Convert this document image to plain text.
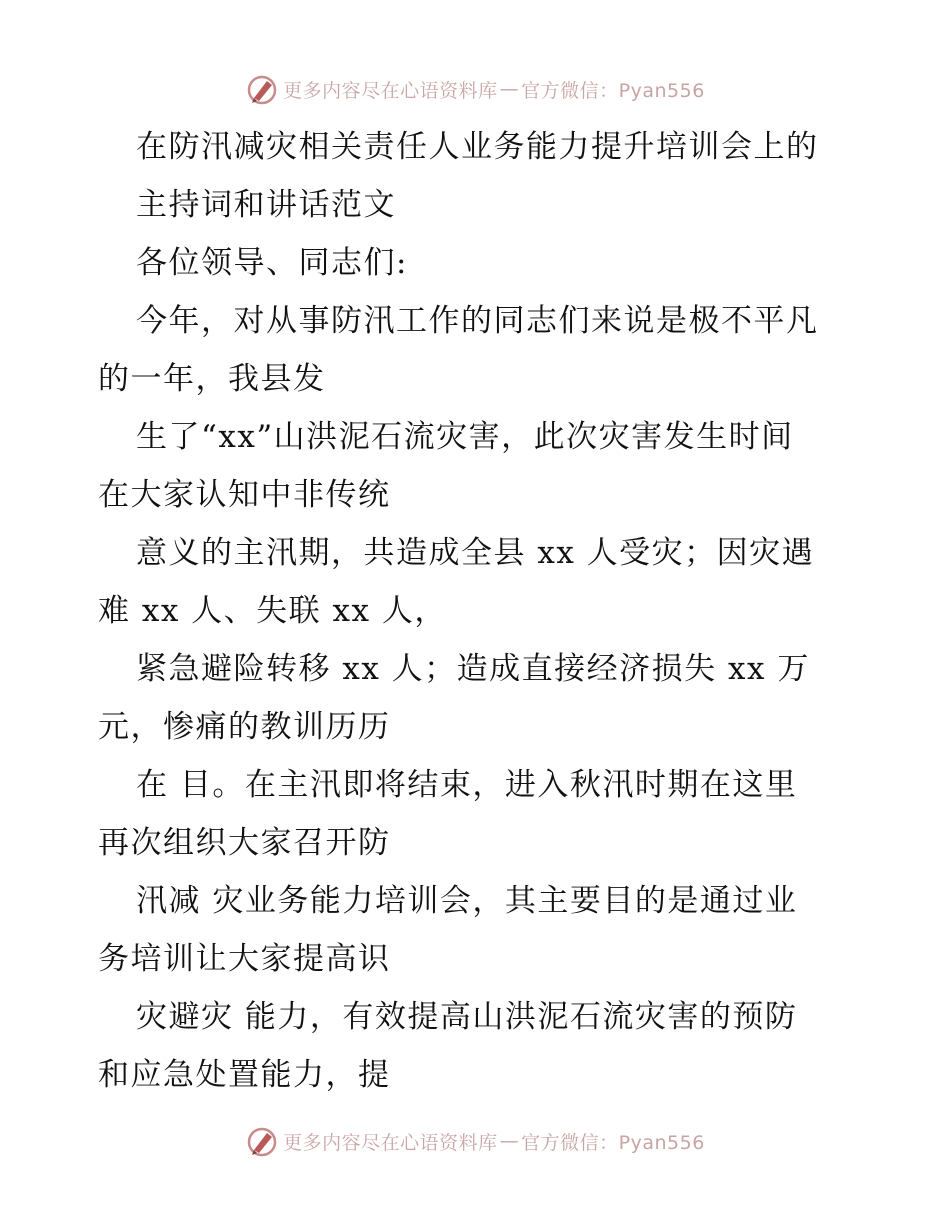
更多内容尽在心语资料库 — 官方微信：Pyan556
在防汛减灾相关责任人业务能力提升培训会上的
主持词和讲话范文
各位领导、同志们:
今年，对从事防汛工作的同志们来说是极不平凡
的一年，我县发
生了“xx”山洪泥石流灾害，此次灾害发生时间
在大家认知中非传统
意义的主汛期，共造成全县 xx 人受灾；因灾遇
难 xx 人、失联 xx 人，
紧急避险转移 xx 人；造成直接经济损失 xx 万
元，惨痛的教训历历
在 目。在主汛即将结束，进入秋汛时期在这里
再次组织大家召开防
汛减 灾业务能力培训会，其主要目的是通过业
务培训让大家提高识
灾避灾 能力，有效提高山洪泥石流灾害的预防
和应急处置能力，提
更多内容尽在心语资料库 — 官方微信：Pyan556
